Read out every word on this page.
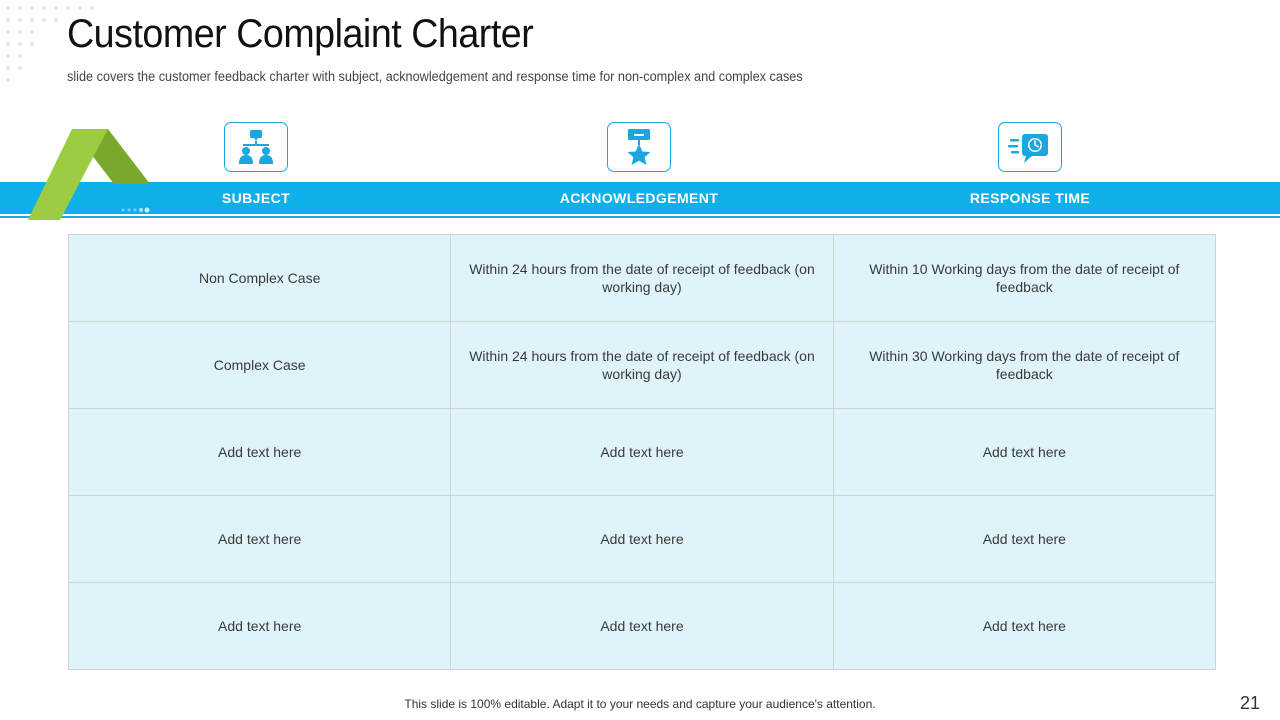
Customer Complaint Charter
slide covers the customer feedback charter with subject, acknowledgement and response time for non-complex and complex cases
SUBJECT	ACKNOWLEDGEMENT	RESPONSE TIME
Non Complex Case	Within 24 hours from the date of receipt of feedback (on working day)	Within 10 Working days from the date of receipt of feedback
Complex Case	Within 24 hours from the date of receipt of feedback (on working day)	Within 30 Working days from the date of receipt of feedback
Add text here	Add text here	Add text here
Add text here	Add text here	Add text here
Add text here	Add text here	Add text here
This slide is 100% editable. Adapt it to your needs and capture your audience's attention.	21
